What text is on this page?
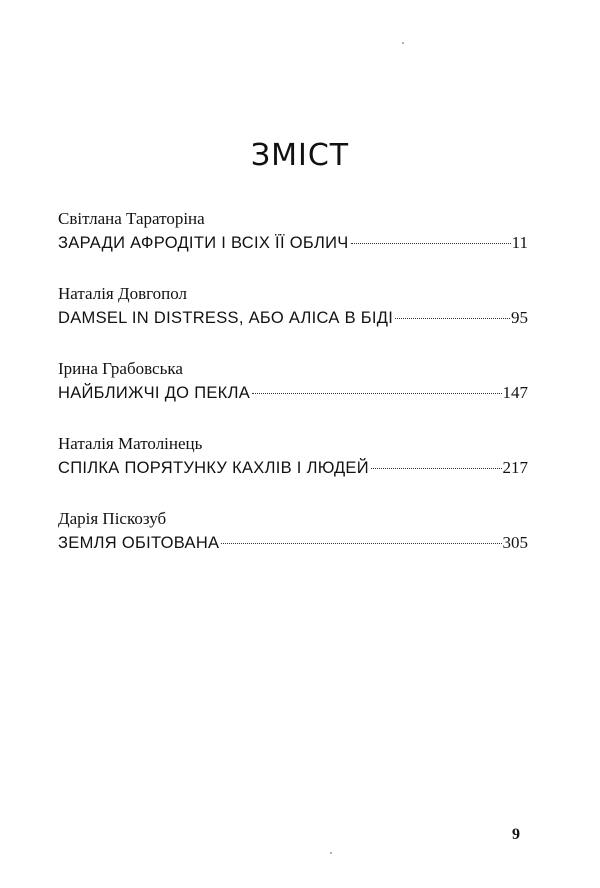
ЗМІСТ
Світлана Тараторіна
ЗАРАДИ АФРОДІТИ І ВСІХ ЇЇ ОБЛИЧ	11
Наталія Довгопол
DAMSEL IN DISTRESS, АБО АЛІСА В БІДІ	95
Ірина Грабовська
НАЙБЛИЖЧІ ДО ПЕКЛА	147
Наталія Матолінець
СПІЛКА ПОРЯТУНКУ КАХЛІВ І ЛЮДЕЙ	217
Дарія Піскозуб
ЗЕМЛЯ ОБІТОВАНА	305
9
